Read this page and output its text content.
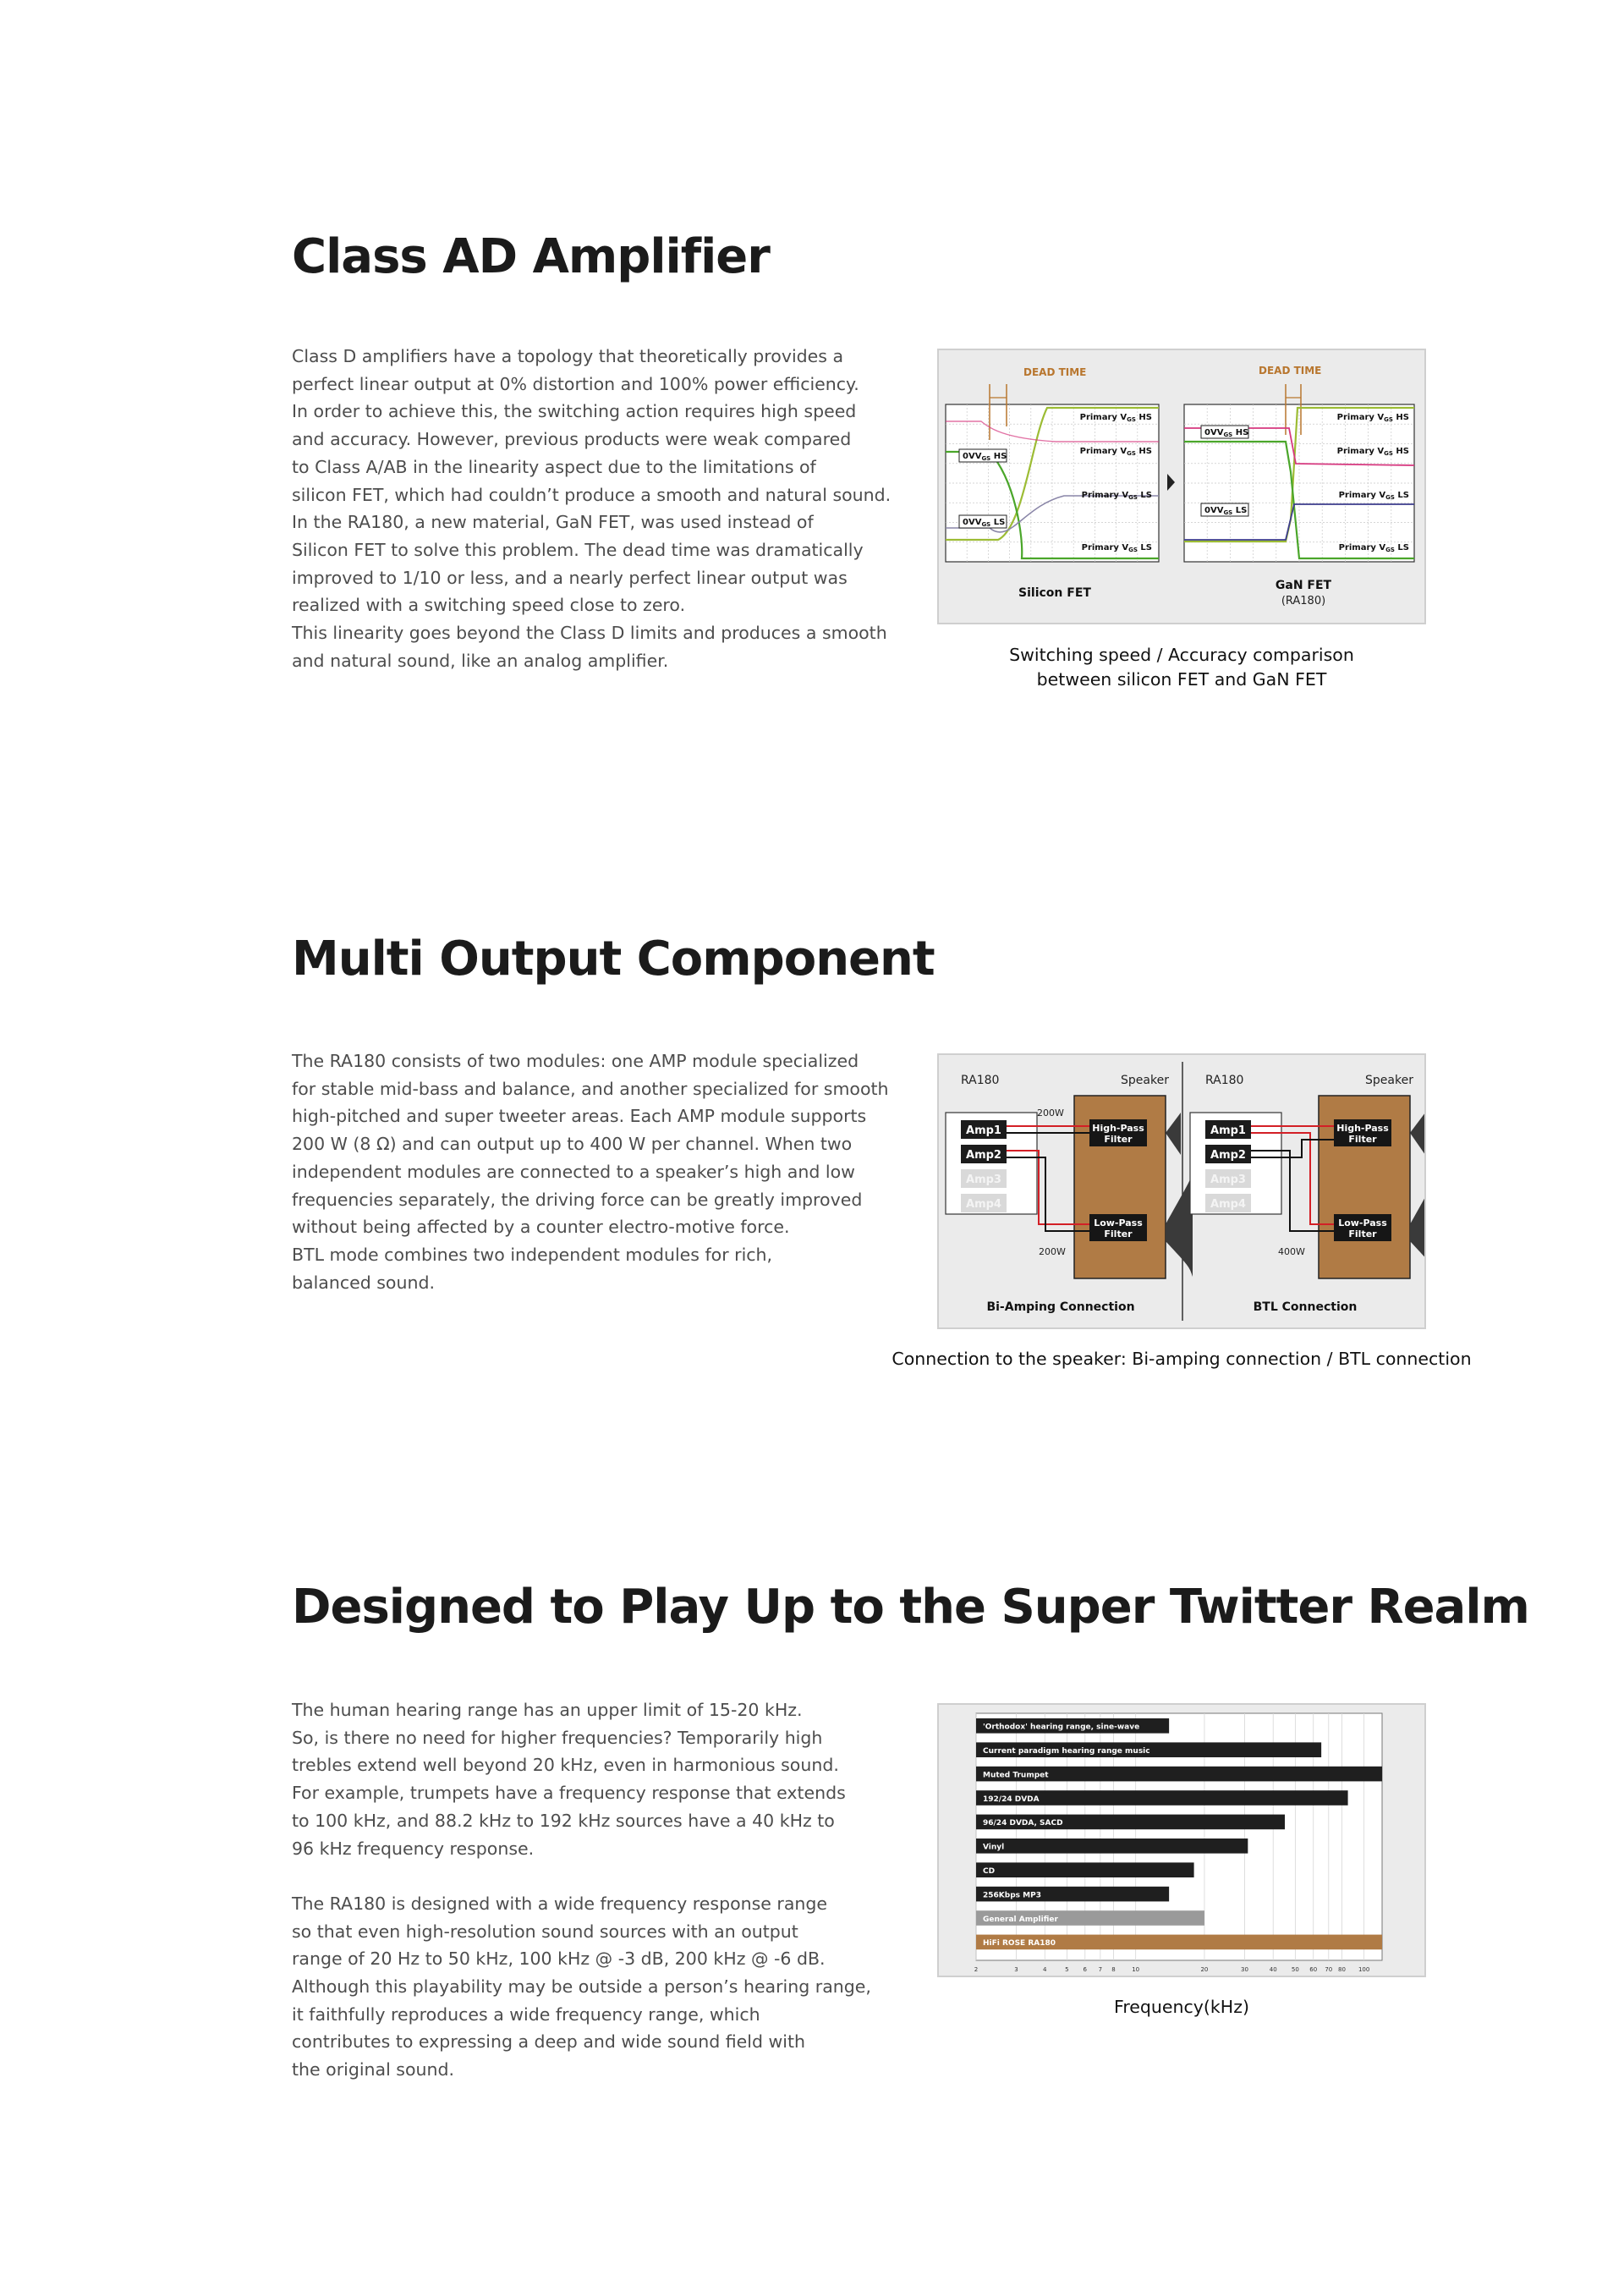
Class AD Amplifier
Class D amplifiers have a topology that theoretically provides a
perfect linear output at 0% distortion and 100% power efficiency.
In order to achieve this, the switching action requires high speed
and accuracy. However, previous products were weak compared
to Class A/AB in the linearity aspect due to the limitations of
silicon FET, which had couldn’t produce a smooth and natural sound.
In the RA180, a new material, GaN FET, was used instead of
Silicon FET to solve this problem. The dead time was dramatically
improved to 1/10 or less, and a nearly perfect linear output was
realized with a switching speed close to zero.
This linearity goes beyond the Class D limits and produces a smooth
and natural sound, like an analog amplifier.
Primary $V_{GS}$ HS
Primary $V_{GS}$ HS
Primary $V_{GS}$ LS
Primary $V_{GS}$ LS
$0VV_{GS}$ HS
$0VV_{GS}$ LS
Primary $V_{GS}$ HS
Primary $V_{GS}$ HS
Primary $V_{GS}$ LS
Primary $V_{GS}$ LS
$0VV_{GS}$ HS
$0VV_{GS}$ LS
DEAD TIME	DEAD TIME
Silicon FET
GaN FET
(RA180)
Switching speed / Accuracy comparison
between silicon FET and GaN FET
Multi Output Component
The RA180 consists of two modules: one AMP module specialized
for stable mid-bass and balance, and another specialized for smooth
high-pitched and super tweeter areas. Each AMP module supports
200 W (8 Ω) and can output up to 400 W per channel. When two
independent modules are connected to a speaker’s high and low
frequencies separately, the driving force can be greatly improved
without being affected by a counter electro-motive force.
BTL mode combines two independent modules for rich,
balanced sound.
RA180	Speaker
Amp1
Amp2
Amp3
Amp4
High-Pass
Filter
Low-Pass
Filter
200W
200W
Bi-Amping Connection
RA180	Speaker
Amp1
Amp2
Amp3
Amp4
High-Pass
Filter
Low-Pass
Filter
400W
BTL Connection
Connection to the speaker: Bi-amping connection / BTL connection
Designed to Play Up to the Super Twitter Realm
The human hearing range has an upper limit of 15-20 kHz.
So, is there no need for higher frequencies? Temporarily high
trebles extend well beyond 20 kHz, even in harmonious sound.
For example, trumpets have a frequency response that extends
to 100 kHz, and 88.2 kHz to 192 kHz sources have a 40 kHz to
96 kHz frequency response.
The RA180 is designed with a wide frequency response range
so that even high-resolution sound sources with an output
range of 20 Hz to 50 kHz, 100 kHz @ -3 dB, 200 kHz @ -6 dB.
Although this playability may be outside a person’s hearing range,
it faithfully reproduces a wide frequency range, which
contributes to expressing a deep and wide sound field with
the original sound.
'Orthodox' hearing range, sine-wave
Current paradigm hearing range music
Muted Trumpet
192/24 DVDA
96/24 DVDA, SACD
Vinyl
CD
256Kbps MP3
General Amplifier
HiFi ROSE RA180
2	3	4	5 6 7 8	10	20	30	40 50 60 70 80 100
Frequency(kHz)
